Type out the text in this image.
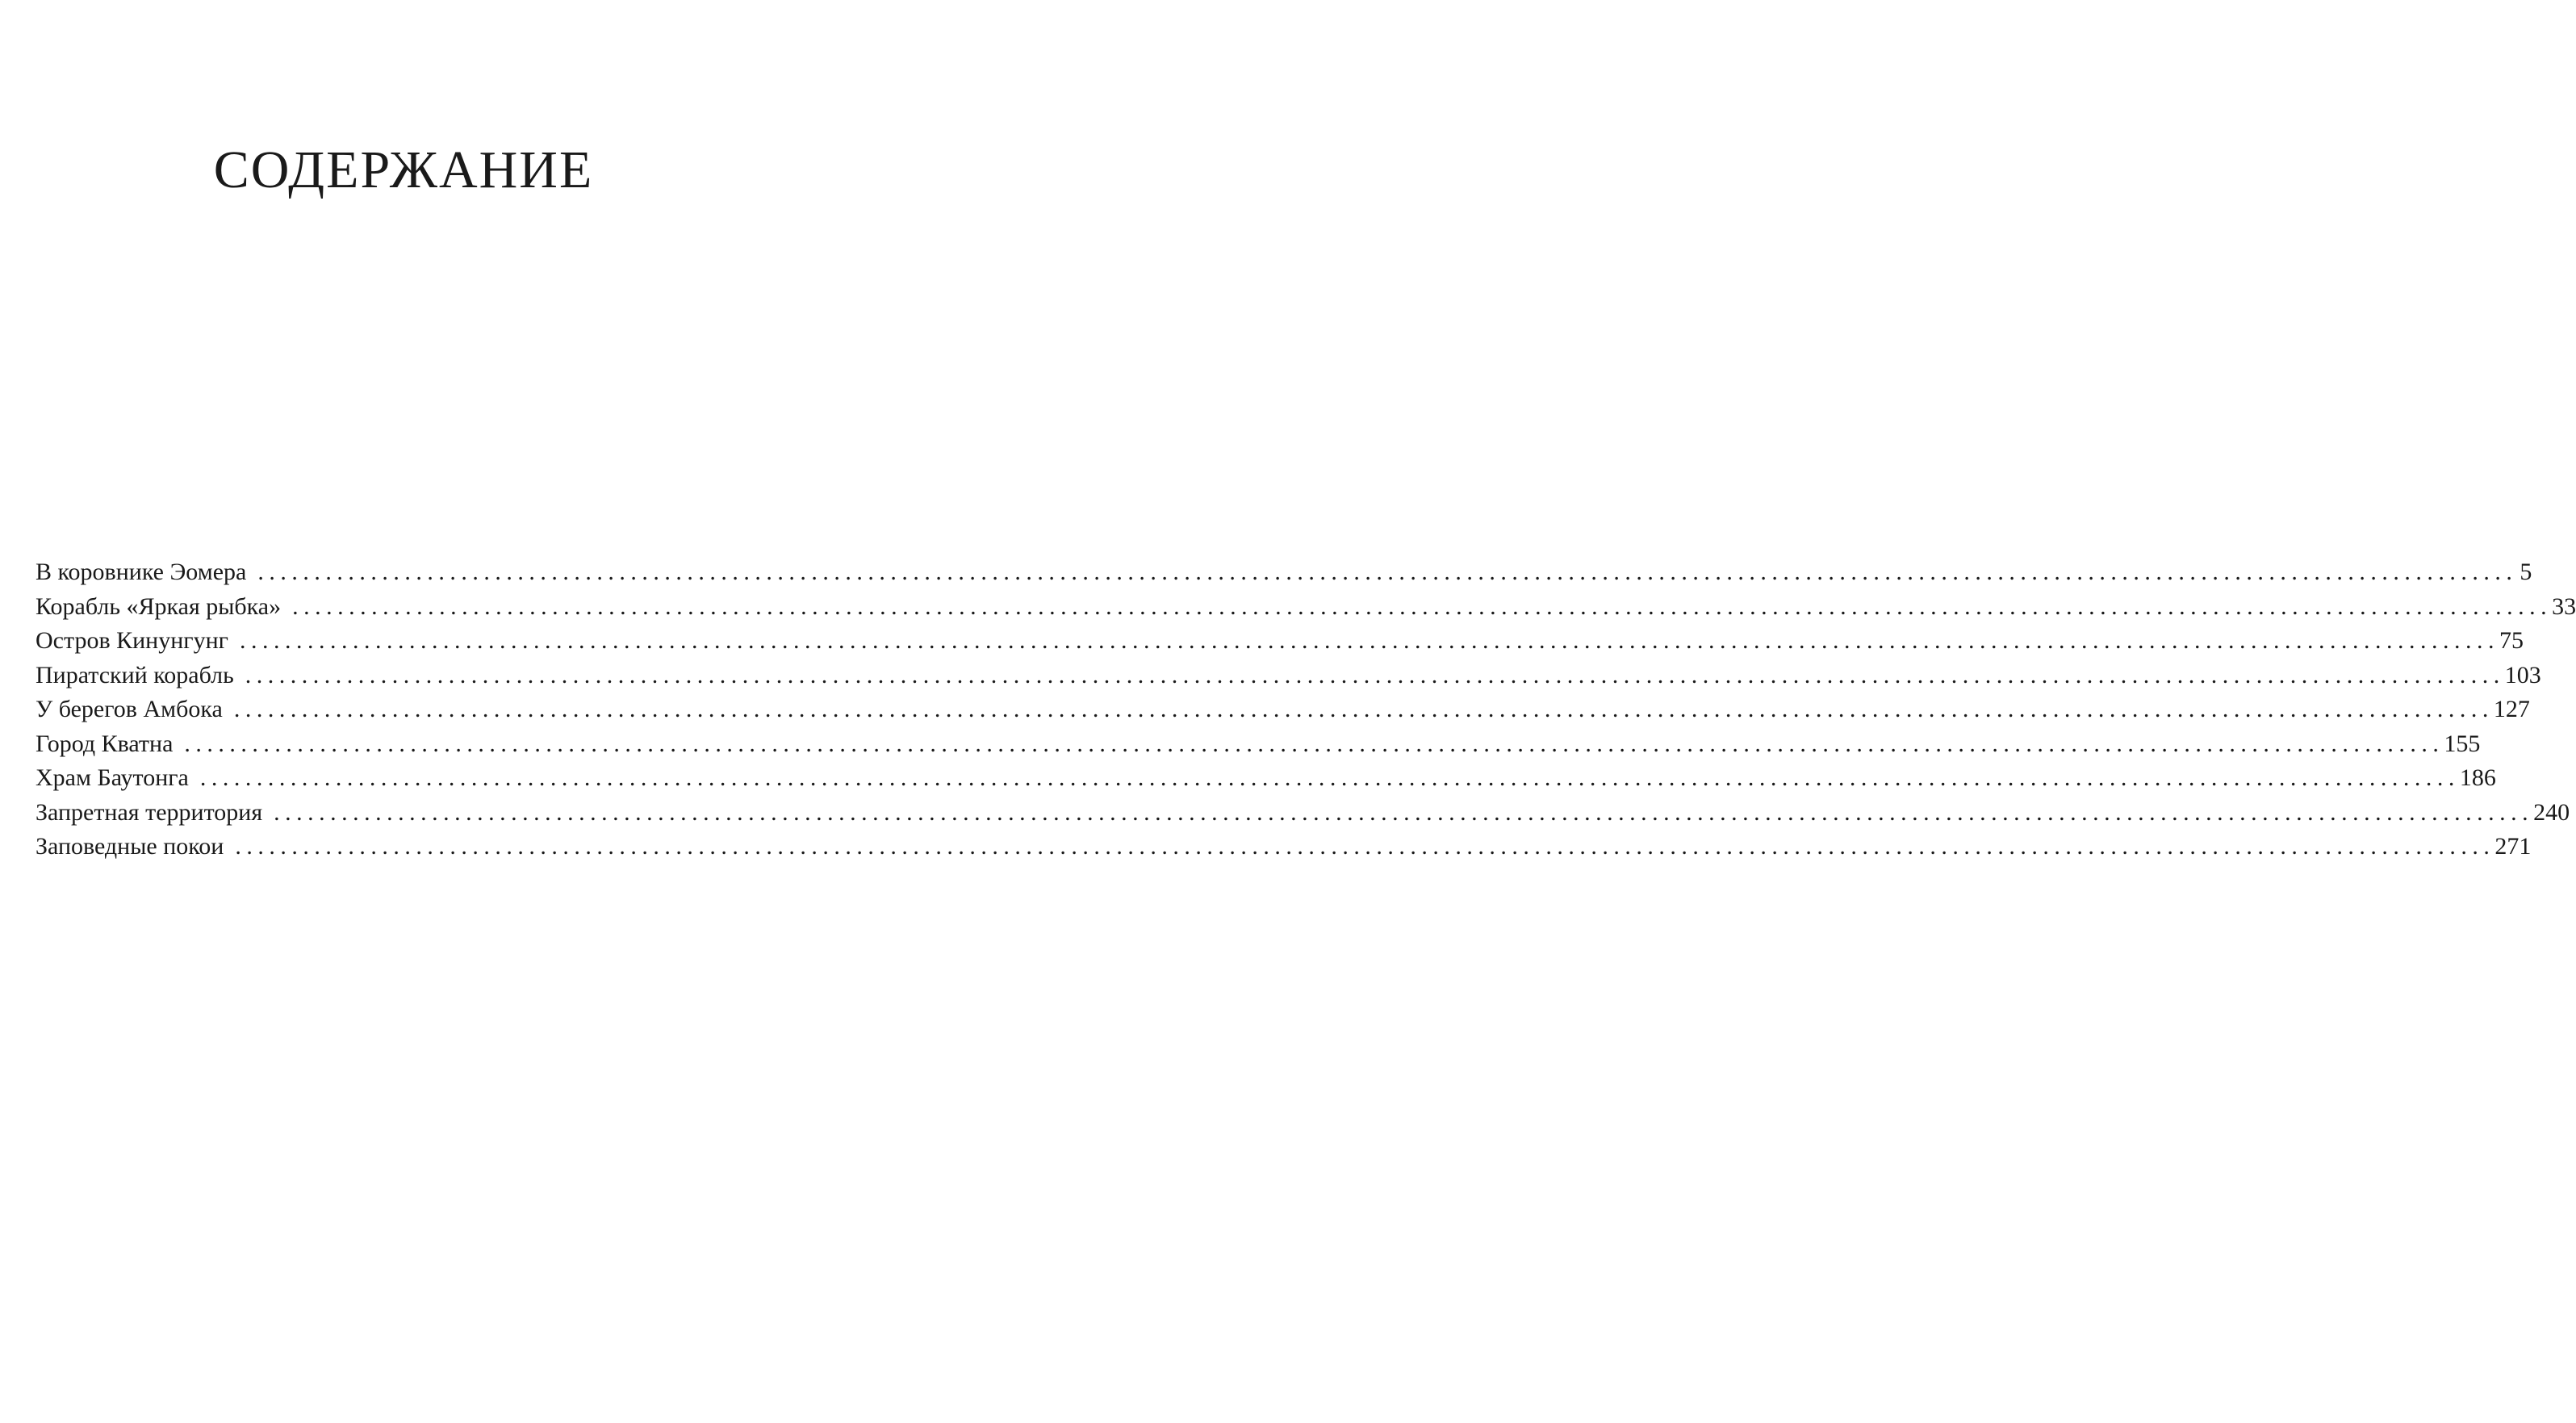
СОДЕРЖАНИЕ
В коровнике Эомера ........................................................................................................................................................................................................ 5
Корабль «Яркая рыбка» ........................................................................................................................................................................................................ 33
Остров Кинунгунг ........................................................................................................................................................................................................ 75
Пиратский корабль ........................................................................................................................................................................................................ 103
У берегов Амбока ........................................................................................................................................................................................................ 127
Город Кватна ........................................................................................................................................................................................................ 155
Храм Баутонга ........................................................................................................................................................................................................ 186
Запретная территория ........................................................................................................................................................................................................ 240
Заповедные покои ........................................................................................................................................................................................................ 271
